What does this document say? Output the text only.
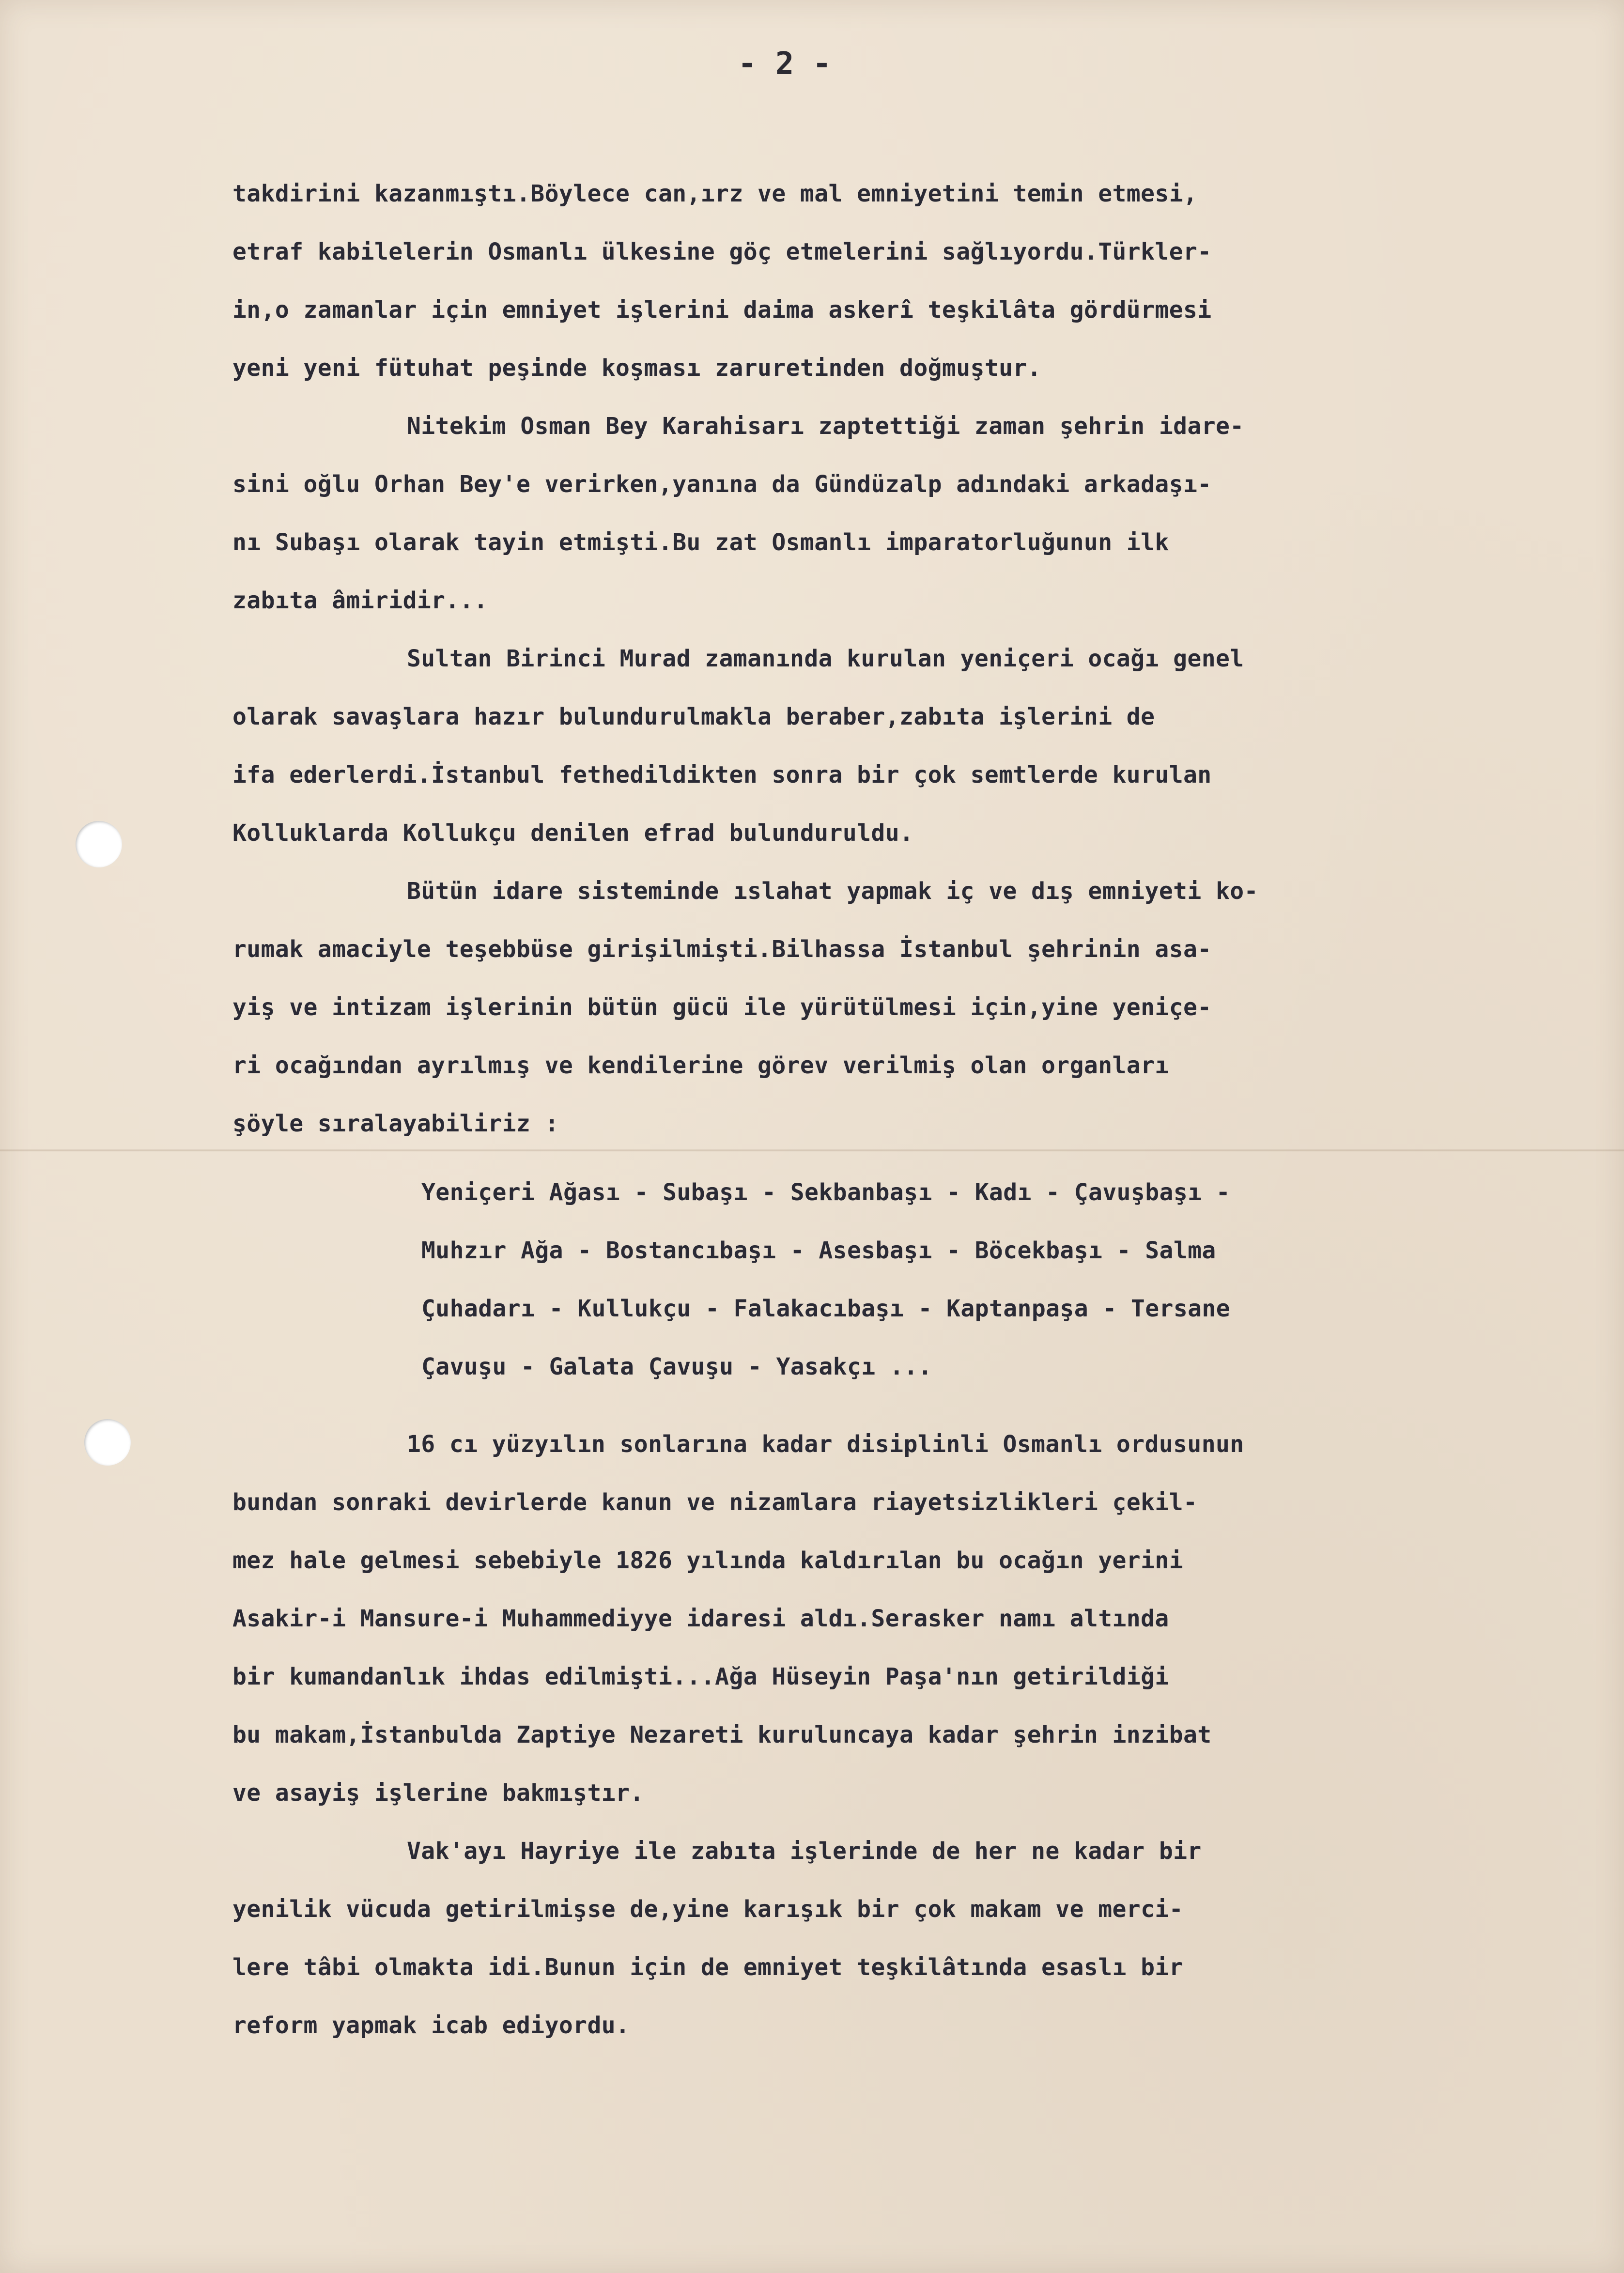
- 2 -
takdirini kazanmıştı.Böylece can,ırz ve mal emniyetini temin etmesi,
etraf kabilelerin Osmanlı ülkesine göç etmelerini sağlıyordu.Türkler-
in,o zamanlar için emniyet işlerini daima askerî teşkilâta gördürmesi
yeni yeni fütuhat peşinde koşması zaruretinden doğmuştur.
Nitekim Osman Bey Karahisarı zaptettiği zaman şehrin idare-
sini oğlu Orhan Bey'e verirken,yanına da Gündüzalp adındaki arkadaşı-
nı Subaşı olarak tayin etmişti.Bu zat Osmanlı imparatorluğunun ilk
zabıta âmiridir...
Sultan Birinci Murad zamanında kurulan yeniçeri ocağı genel
olarak savaşlara hazır bulundurulmakla beraber,zabıta işlerini de
ifa ederlerdi.İstanbul fethedildikten sonra bir çok semtlerde kurulan
Kolluklarda Kollukçu denilen efrad bulunduruldu.
Bütün idare sisteminde ıslahat yapmak iç ve dış emniyeti ko-
rumak amaciyle teşebbüse girişilmişti.Bilhassa İstanbul şehrinin asa-
yiş ve intizam işlerinin bütün gücü ile yürütülmesi için,yine yeniçe-
ri ocağından ayrılmış ve kendilerine görev verilmiş olan organları
şöyle sıralayabiliriz :
Yeniçeri Ağası - Subaşı - Sekbanbaşı - Kadı - Çavuşbaşı -
Muhzır Ağa - Bostancıbaşı - Asesbaşı - Böcekbaşı - Salma
Çuhadarı - Kullukçu - Falakacıbaşı - Kaptanpaşa - Tersane
Çavuşu - Galata Çavuşu - Yasakçı ...
16 cı yüzyılın sonlarına kadar disiplinli Osmanlı ordusunun
bundan sonraki devirlerde kanun ve nizamlara riayetsizlikleri çekil-
mez hale gelmesi sebebiyle 1826 yılında kaldırılan bu ocağın yerini
Asakir-i Mansure-i Muhammediyye idaresi aldı.Serasker namı altında
bir kumandanlık ihdas edilmişti...Ağa Hüseyin Paşa'nın getirildiği
bu makam,İstanbulda Zaptiye Nezareti kuruluncaya kadar şehrin inzibat
ve asayiş işlerine bakmıştır.
Vak'ayı Hayriye ile zabıta işlerinde de her ne kadar bir
yenilik vücuda getirilmişse de,yine karışık bir çok makam ve merci-
lere tâbi olmakta idi.Bunun için de emniyet teşkilâtında esaslı bir
reform yapmak icab ediyordu.
